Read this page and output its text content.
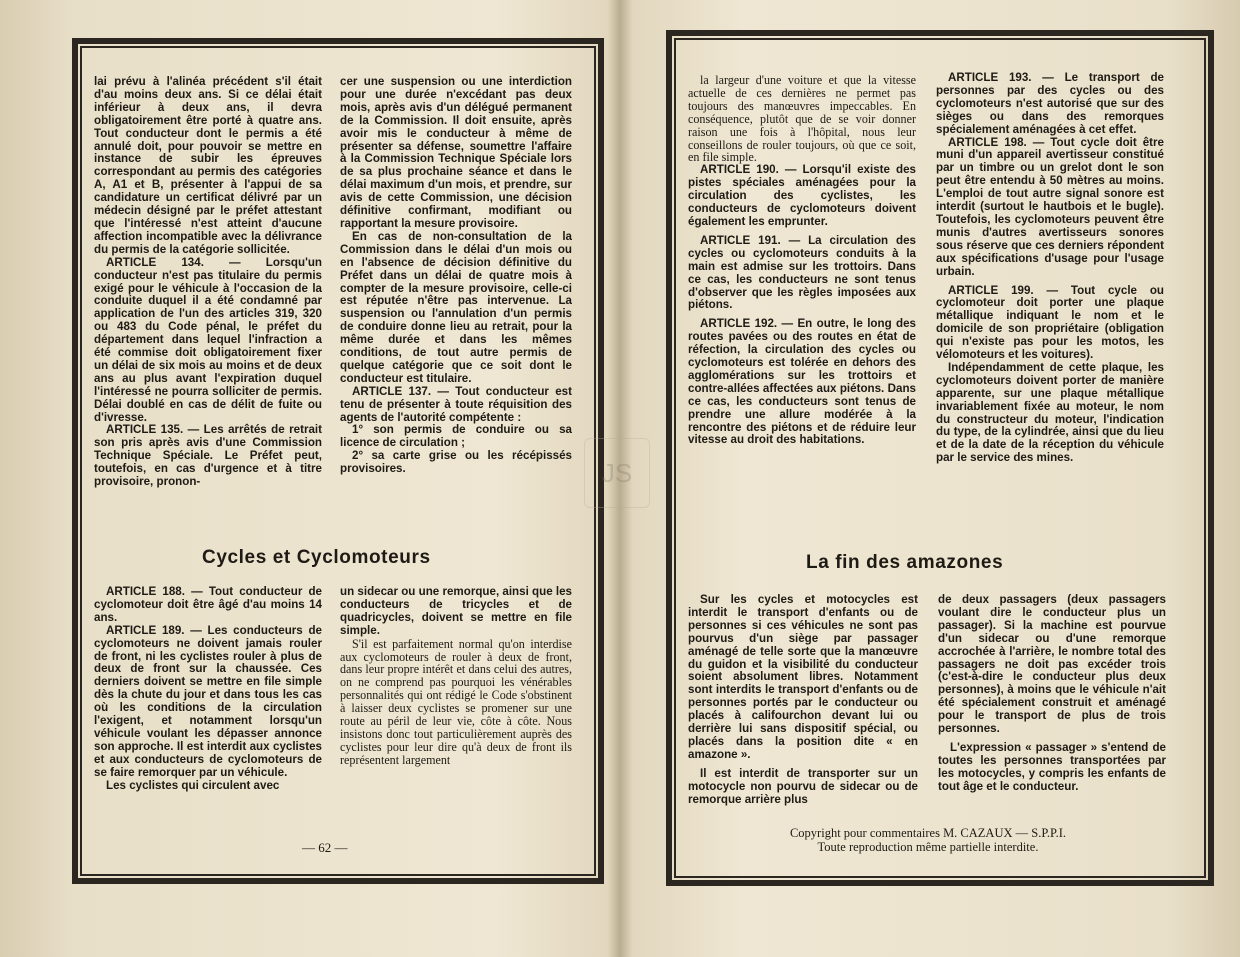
lai prévu à l'alinéa précédent s'il était d'au moins deux ans. Si ce délai était inférieur à deux ans, il devra obligatoirement être porté à quatre ans. Tout conducteur dont le permis a été annulé doit, pour pouvoir se mettre en instance de subir les épreuves correspondant au permis des catégories A, A1 et B, présenter à l'appui de sa candidature un certificat délivré par un médecin désigné par le préfet attestant que l'intéressé n'est atteint d'aucune affection incompatible avec la délivrance du permis de la catégorie sollicitée.

ARTICLE 134. — Lorsqu'un conducteur n'est pas titulaire du permis exigé pour le véhicule à l'occasion de la conduite duquel il a été condamné par application de l'un des articles 319, 320 ou 483 du Code pénal, le préfet du département dans lequel l'infraction a été commise doit obligatoirement fixer un délai de six mois au moins et de deux ans au plus avant l'expiration duquel l'intéressé ne pourra solliciter de permis. Délai doublé en cas de délit de fuite ou d'ivresse.

ARTICLE 135. — Les arrêtés de retrait son pris après avis d'une Commission Technique Spéciale. Le Préfet peut, toutefois, en cas d'urgence et à titre provisoire, pronon-

cer une suspension ou une interdiction pour une durée n'excédant pas deux mois, après avis d'un délégué permanent de la Commission. Il doit ensuite, après avoir mis le conducteur à même de présenter sa défense, soumettre l'affaire à la Commission Technique Spéciale lors de sa plus prochaine séance et dans le délai maximum d'un mois, et prendre, sur avis de cette Commission, une décision définitive confirmant, modifiant ou rapportant la mesure provisoire.

En cas de non-consultation de la Commission dans le délai d'un mois ou en l'absence de décision définitive du Préfet dans un délai de quatre mois à compter de la mesure provisoire, celle-ci est réputée n'être pas intervenue. La suspension ou l'annulation d'un permis de conduire donne lieu au retrait, pour la même durée et dans les mêmes conditions, de tout autre permis de quelque catégorie que ce soit dont le conducteur est titulaire.

ARTICLE 137. — Tout conducteur est tenu de présenter à toute réquisition des agents de l'autorité compétente :

1° son permis de conduire ou sa licence de circulation ;

2° sa carte grise ou les récépissés provisoires.

Cycles et Cyclomoteurs

ARTICLE 188. — Tout conducteur de cyclomoteur doit être âgé d'au moins 14 ans.

ARTICLE 189. — Les conducteurs de cyclomoteurs ne doivent jamais rouler de front, ni les cyclistes rouler à plus de deux de front sur la chaussée. Ces derniers doivent se mettre en file simple dès la chute du jour et dans tous les cas où les conditions de la circulation l'exigent, et notamment lorsqu'un véhicule voulant les dépasser annonce son approche. Il est interdit aux cyclistes et aux conducteurs de cyclomoteurs de se faire remorquer par un véhicule.

Les cyclistes qui circulent avec

un sidecar ou une remorque, ainsi que les conducteurs de tricycles et de quadricycles, doivent se mettre en file simple.

S'il est parfaitement normal qu'on interdise aux cyclomoteurs de rouler à deux de front, dans leur propre intérêt et dans celui des autres, on ne comprend pas pourquoi les vénérables personnalités qui ont rédigé le Code s'obstinent à laisser deux cyclistes se promener sur une route au péril de leur vie, côte à côte. Nous insistons donc tout particulièrement auprès des cyclistes pour leur dire qu'à deux de front ils représentent largement

— 62 —

la largeur d'une voiture et que la vitesse actuelle de ces dernières ne permet pas toujours des manœuvres impeccables. En conséquence, plutôt que de se voir donner raison une fois à l'hôpital, nous leur conseillons de rouler toujours, où que ce soit, en file simple.

ARTICLE 190. — Lorsqu'il existe des pistes spéciales aménagées pour la circulation des cyclistes, les conducteurs de cyclomoteurs doivent également les emprunter.

ARTICLE 191. — La circulation des cycles ou cyclomoteurs conduits à la main est admise sur les trottoirs. Dans ce cas, les conducteurs ne sont tenus d'observer que les règles imposées aux piétons.

ARTICLE 192. — En outre, le long des routes pavées ou des routes en état de réfection, la circulation des cycles ou cyclomoteurs est tolérée en dehors des agglomérations sur les trottoirs et contre-allées affectées aux piétons. Dans ce cas, les conducteurs sont tenus de prendre une allure modérée à la rencontre des piétons et de réduire leur vitesse au droit des habitations.

ARTICLE 193. — Le transport de personnes par des cycles ou des cyclomoteurs n'est autorisé que sur des sièges ou dans des remorques spécialement aménagées à cet effet.

ARTICLE 198. — Tout cycle doit être muni d'un appareil avertisseur constitué par un timbre ou un grelot dont le son peut être entendu à 50 mètres au moins. L'emploi de tout autre signal sonore est interdit (surtout le hautbois et le bugle). Toutefois, les cyclomoteurs peuvent être munis d'autres avertisseurs sonores sous réserve que ces derniers répondent aux spécifications d'usage pour l'usage urbain.

ARTICLE 199. — Tout cycle ou cyclomoteur doit porter une plaque métallique indiquant le nom et le domicile de son propriétaire (obligation qui n'existe pas pour les motos, les vélomoteurs et les voitures).

Indépendamment de cette plaque, les cyclomoteurs doivent porter de manière apparente, sur une plaque métallique invariablement fixée au moteur, le nom du constructeur du moteur, l'indication du type, de la cylindrée, ainsi que du lieu et de la date de la réception du véhicule par le service des mines.

La fin des amazones

Sur les cycles et motocycles est interdit le transport d'enfants ou de personnes si ces véhicules ne sont pas pourvus d'un siège par passager aménagé de telle sorte que la manœuvre du guidon et la visibilité du conducteur soient absolument libres. Notamment sont interdits le transport d'enfants ou de personnes portés par le conducteur ou placés à califourchon devant lui ou derrière lui sans dispositif spécial, ou placés dans la position dite « en amazone ».

Il est interdit de transporter sur un motocycle non pourvu de sidecar ou de remorque arrière plus

de deux passagers (deux passagers voulant dire le conducteur plus un passager). Si la machine est pourvue d'un sidecar ou d'une remorque accrochée à l'arrière, le nombre total des passagers ne doit pas excéder trois (c'est-à-dire le conducteur plus deux personnes), à moins que le véhicule n'ait été spécialement construit et aménagé pour le transport de plus de trois personnes.

L'expression « passager » s'entend de toutes les personnes transportées par les motocycles, y compris les enfants de tout âge et le conducteur.

Copyright pour commentaires M. CAZAUX — S.P.P.I.
Toute reproduction même partielle interdite.
JS
